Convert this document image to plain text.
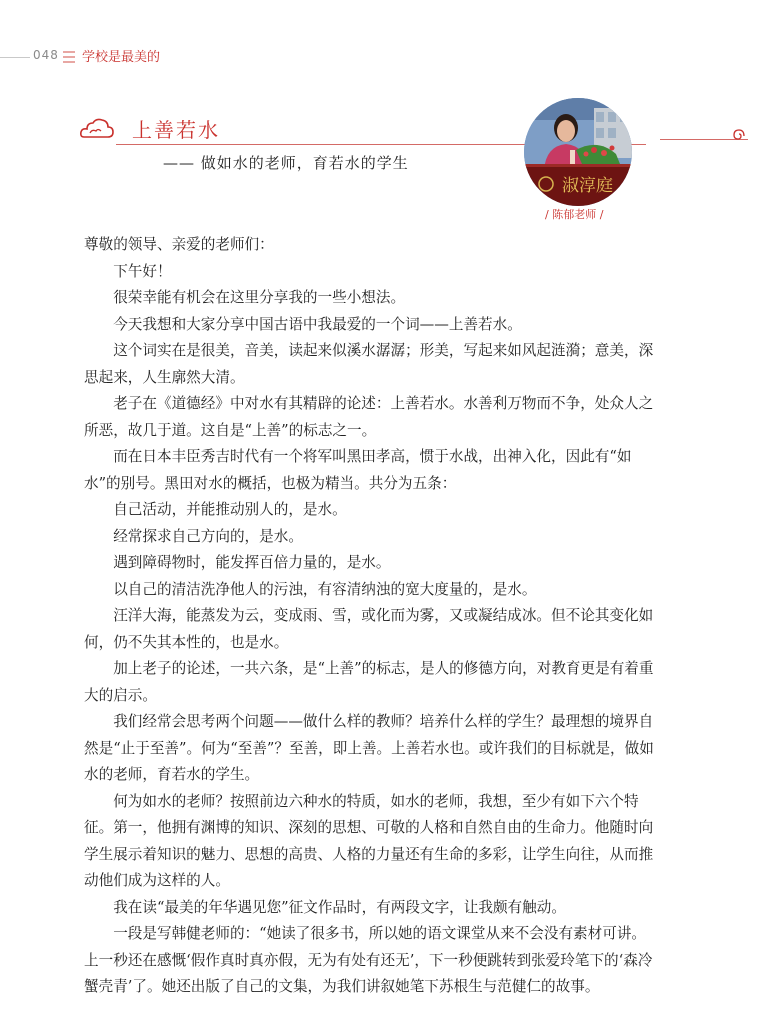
048 学校是最美的
上善若水
—— 做如水的老师，育若水的学生
淑淳庭
/ 陈郁老师 /

尊敬的领导、亲爱的老师们：

下午好！

很荣幸能有机会在这里分享我的一些小想法。

今天我想和大家分享中国古语中我最爱的一个词——上善若水。

这个词实在是很美，音美，读起来似溪水潺潺；形美，写起来如风起涟漪；意美，深思起来，人生廓然大清。

老子在《道德经》中对水有其精辟的论述：上善若水。水善利万物而不争，处众人之所恶，故几于道。这自是“上善”的标志之一。

而在日本丰臣秀吉时代有一个将军叫黑田孝高，惯于水战，出神入化，因此有“如水”的别号。黑田对水的概括，也极为精当。共分为五条：

自己活动，并能推动别人的，是水。

经常探求自己方向的，是水。

遇到障碍物时，能发挥百倍力量的，是水。

以自己的清洁洗净他人的污浊，有容清纳浊的宽大度量的，是水。

汪洋大海，能蒸发为云，变成雨、雪，或化而为雾，又或凝结成冰。但不论其变化如何，仍不失其本性的，也是水。

加上老子的论述，一共六条，是“上善”的标志，是人的修德方向，对教育更是有着重大的启示。

我们经常会思考两个问题——做什么样的教师？培养什么样的学生？最理想的境界自然是“止于至善”。何为“至善”？至善，即上善。上善若水也。或许我们的目标就是，做如水的老师，育若水的学生。

何为如水的老师？按照前边六种水的特质，如水的老师，我想，至少有如下六个特征。第一，他拥有渊博的知识、深刻的思想、可敬的人格和自然自由的生命力。他随时向学生展示着知识的魅力、思想的高贵、人格的力量还有生命的多彩，让学生向往，从而推动他们成为这样的人。

我在读“最美的年华遇见您”征文作品时，有两段文字，让我颇有触动。

一段是写韩健老师的：“她读了很多书，所以她的语文课堂从来不会没有素材可讲。上一秒还在感慨‘假作真时真亦假，无为有处有还无’，下一秒便跳转到张爱玲笔下的‘森冷蟹壳青’了。她还出版了自己的文集，为我们讲叙她笔下苏根生与范健仁的故事。
